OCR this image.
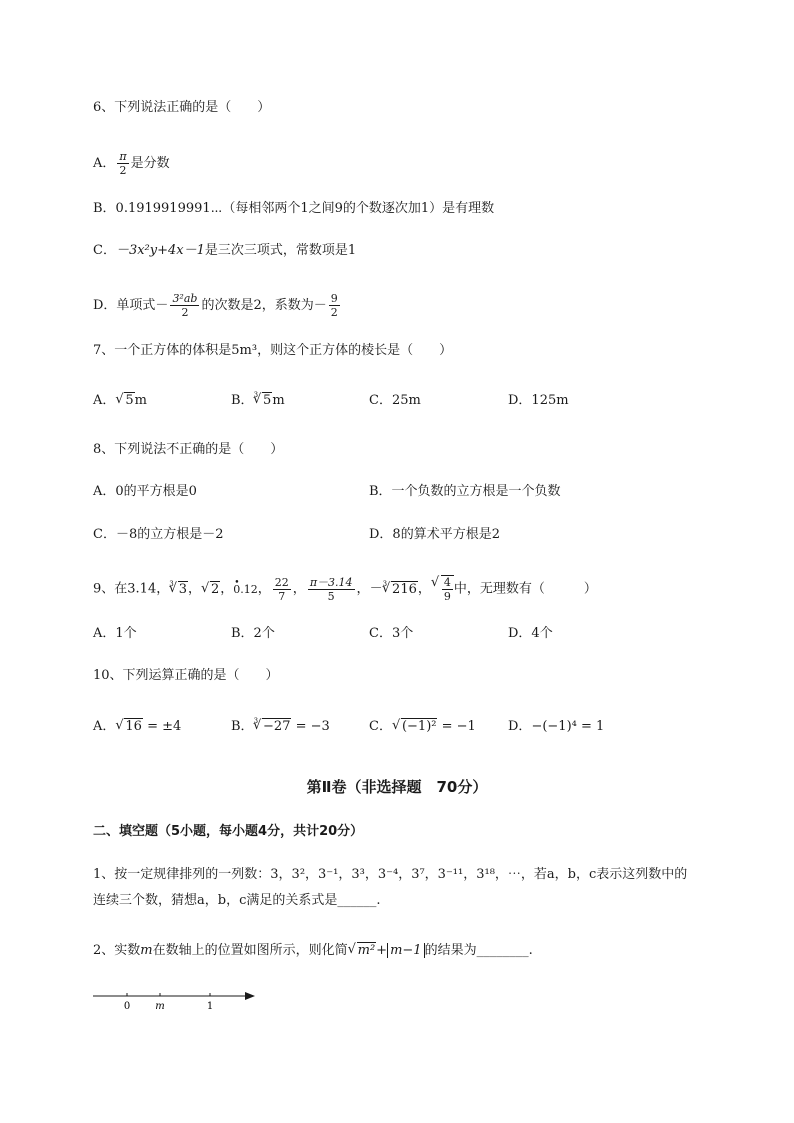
6、下列说法正确的是（　　）
A． $\frac{\pi}{2}$ 是分数
B．0.1919919991⋯（每相邻两个1之间9的个数逐次加1）是有理数
C．－3x²y+4x－1是三次三项式，常数项是1
D．单项式－ $\frac{\text{3²ab}}{2}$ 的次数是2，系数为－ $\frac{9}{2}$
7、一个正方体的体积是5m³，则这个正方体的棱长是（　　）
A． √ 5m	B．$^3$ √ 5m	C．25m	D．125m
8、下列说法不正确的是（　　）
A．0的平方根是0	B．一个负数的立方根是一个负数
C．－8的立方根是－2	D．8的算术平方根是2
9、在3.14，$^3$ √ 3， √ 2，0.12 •， $\frac{22}{7}$ ， $\frac{\pi-3.14}{5}$ ，－$^3$ √ 216， √ $\frac{4}{9}$ 中，无理数有（　　　）
A．1个	B．2个	C．3个	D．4个
10、下列运算正确的是（　　）
A． √ 16 = ±4	B．$^3$ √ −27 = −3	C． √ (−1)² = −1 D．−(−1)⁴ = 1
第Ⅱ卷（非选择题　70分）
二、填空题（5小题，每小题4分，共计20分）
1、按一定规律排列的一列数：3，3²，3⁻¹，3³，3⁻⁴，3⁷，3⁻¹¹，3¹⁸，⋯，若a，b，c表示这列数中的
连续三个数，猜想a，b，c满足的关系式是______.
2、实数m在数轴上的位置如图所示，则化简 √ m²+ m−1 的结果为________.
0	m	1
